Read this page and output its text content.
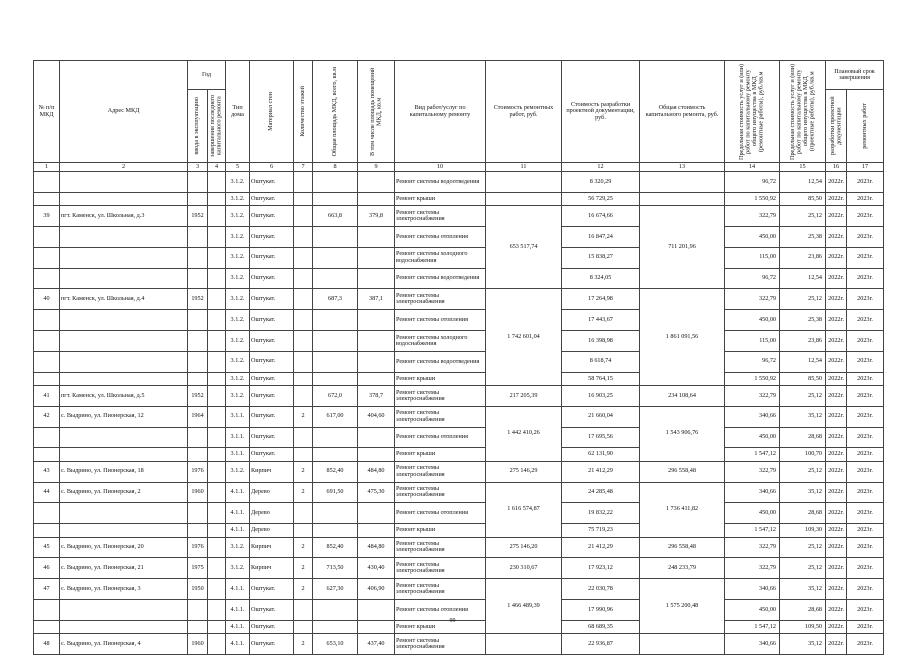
№ п/п МКД	Адрес МКД	Год		Тип дома	Материал стен	Количество этажей	Общая площадь МКД, всего, кв.м	В том числе площадь помещений МКД, кв.м	Вид работ/услуг по капитальному ремонту	Стоимость ремонтных работ, руб.	Стоимость разработки проектной документации, руб.	Общая стоимость капитального ремонта, руб.	Предельная стоимость услуг и (или) работ по капитальному ремонту общего имущества в МКД (ремонтные работы), руб./кв.м	Предельная стоимость услуг и (или) работ по капитальному ремонту общего имущества в МКД (проектные работы), руб./кв.м	Плановый срок завершения	

		ввода в эксплуатацию	завершения последнего капитального ремонта												разработки проектной документации	ремонтных работ

1	2	3	4	5	6	7	8	9	10	11	12	13	14	15	16	17
				3.1.2.	Oштукат.				Ремонт системы водоотведения		8 320,29		96,72	12,54	2022г.	2023г.
				3.1.2.	Oштукат.				Ремонт крыши		56 729,25		1 550,92	85,50	2022г.	2023г.
39	пгт. Каменск, ул. Школьная, д.3	1952		3.1.2.	Oштукат.		663,8	379,8	Ремонт системы электроснабжения	653 517,74	16 674,66	711 201,96	322,79	25,12	2022г.	2023г.
				3.1.2.	Oштукат.				Ремонт системы отопления		16 847,24		450,00	25,38	2022г.	2023г.
				3.1.2.	Oштукат.				Ремонт системы холодного водоснабжения		15 838,27		115,00	23,86	2022г.	2023г.
				3.1.2.	Oштукат.				Ремонт системы водоотведения		8 324,05		96,72	12,54	2022г.	2023г.
40	пгт. Каменск, ул. Школьная, д.4	1952		3.1.2.	Oштукат.		687,3	387,1	Ремонт системы электроснабжения	1 742 601,04	17 264,98	1 861 091,56	322,79	25,12	2022г.	2023г.
				3.1.2.	Oштукат.				Ремонт системы отопления		17 443,67		450,00	25,38	2022г.	2023г.
				3.1.2.	Oштукат.				Ремонт системы холодного водоснабжения		16 398,98		115,00	23,86	2022г.	2023г.
				3.1.2.	Oштукат.				Ремонт системы водоотведения		8 618,74		96,72	12,54	2022г.	2023г.
				3.1.2.	Oштукат.				Ремонт крыши		58 764,15		1 550,92	85,50	2022г.	2023г.
41	пгт. Каменск, ул. Школьная, д.5	1952		3.1.2.	Oштукат.		672,0	378,7	Ремонт системы электроснабжения	217 205,39	16 903,25	234 108,64	322,79	25,12	2022г.	2023г.
42	с. Выдрино, ул. Пионерская, 12	1964		3.1.1.	Oштукат.	2	617,00	404,60	Ремонт системы электроснабжения	1 442 410,26	21 660,04	1 543 906,76	340,66	35,12	2022г.	2023г.
				3.1.1.	Oштукат.				Ремонт системы отопления		17 695,56		450,00	28,68	2022г.	2023г.
				3.1.1.	Oштукат.				Ремонт крыши		62 131,90		1 547,12	100,70	2022г.	2023г.
43	с. Выдрино, ул. Пионерская, 18	1976		3.1.2.	Кирпич	2	852,40	484,80	Ремонт системы электроснабжения	275 146,29	21 412,29	296 558,48	322,79	25,12	2022г.	2023г.
44	с. Выдрино, ул. Пионерская, 2	1960		4.1.1.	Дерево	2	691,50	475,30	Ремонт системы электроснабжения	1 616 574,87	24 285,48	1 736 411,82	340,66	35,12	2022г.	2023г.
				4.1.1.	Дерево				Ремонт системы отопления		19 832,22		450,00	28,68	2022г.	2023г.
				4.1.1.	Дерево				Ремонт крыши		75 719,23		1 547,12	109,30	2022г.	2023г.
45	с. Выдрино, ул. Пионерская, 20	1976		3.1.2.	Кирпич	2	852,40	484,80	Ремонт системы электроснабжения	275 146,20	21 412,29	296 558,48	322,79	25,12	2022г.	2023г.
46	с. Выдрино, ул. Пионерская, 21	1975		3.1.2.	Кирпич	2	713,50	430,40	Ремонт системы электроснабжения	230 310,67	17 923,12	248 233,79	322,79	25,12	2022г.	2023г.
47	с. Выдрино, ул. Пионерская, 3	1950		4.1.1.	Oштукат.	2	627,30	406,90	Ремонт системы электроснабжения	1 466 489,39	22 030,78	1 575 200,48	340,66	35,12	2022г.	2023г.
				4.1.1.	Oштукат.				Ремонт системы отопления		17 990,96		450,00	28,68	2022г.	2023г.
				4.1.1.	Oштукат.				Ремонт крыши		68 689,35		1 547,12	109,50	2022г.	2023г.
48	с. Выдрино, ул. Пионерская, 4	1960		4.1.1.	Oштукат.	2	653,10	437,40	Ремонт системы электроснабжения		22 936,87		340,66	35,12	2022г.	2023г.
99
